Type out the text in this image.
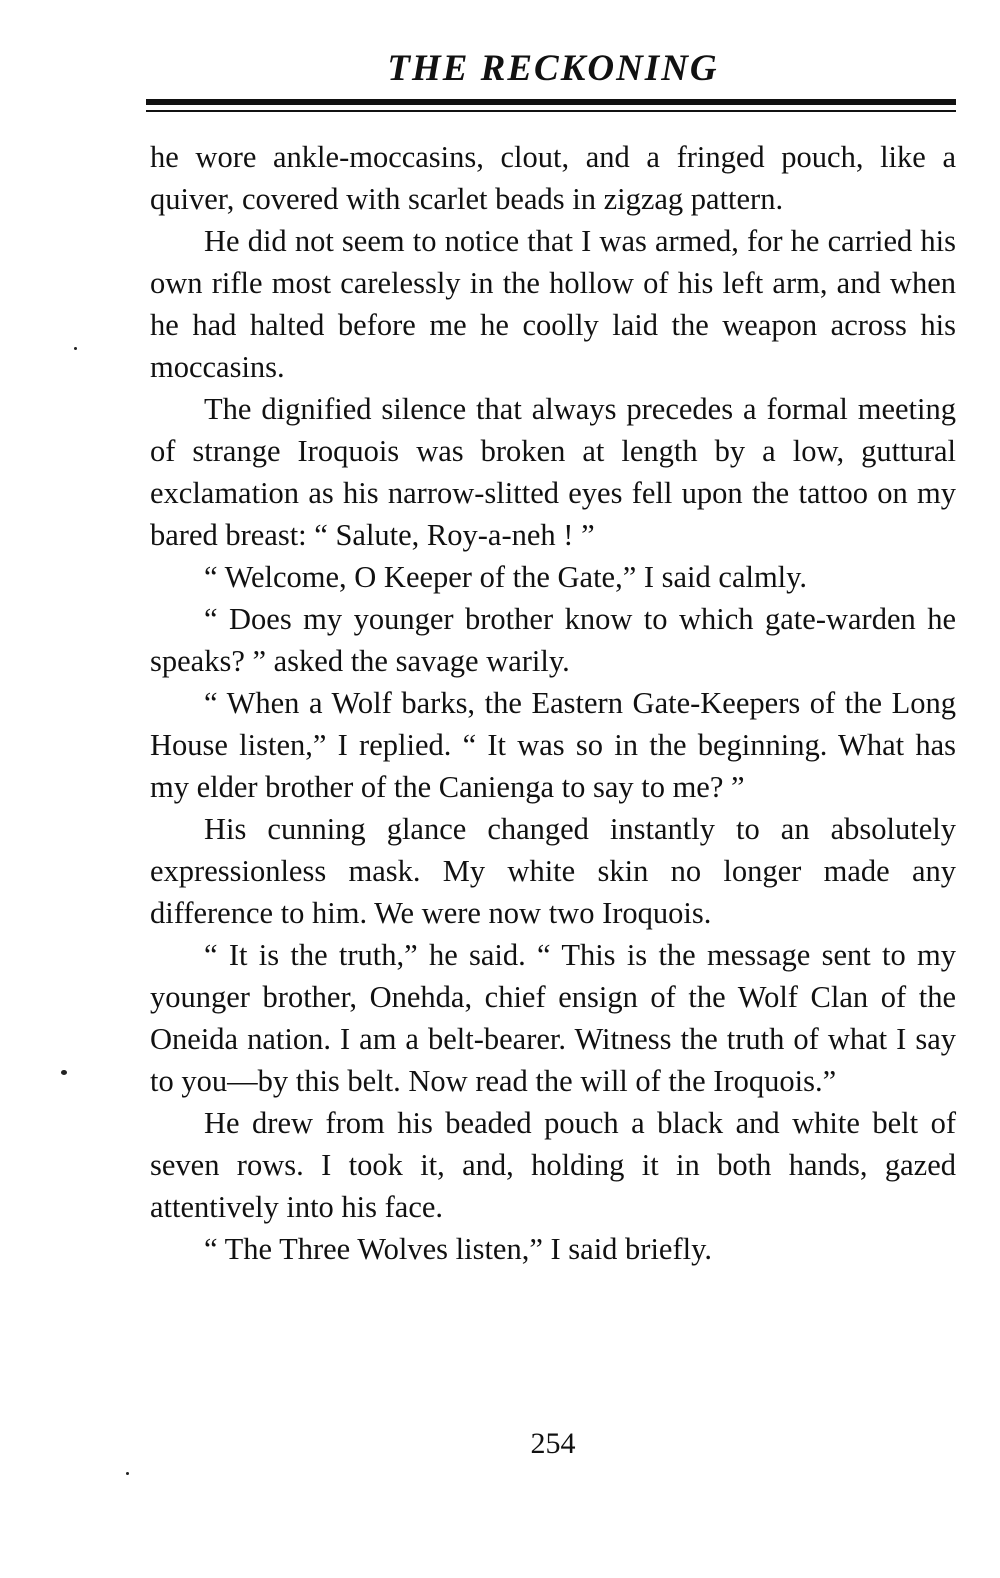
THE RECKONING

he wore ankle-moccasins, clout, and a fringed pouch, like a quiver, covered with scarlet beads in zigzag pattern.

He did not seem to notice that I was armed, for he carried his own rifle most carelessly in the hollow of his left arm, and when he had halted before me he coolly laid the weapon across his moccasins.

The dignified silence that always precedes a formal meeting of strange Iroquois was broken at length by a low, guttural exclamation as his narrow-slitted eyes fell upon the tattoo on my bared breast: “ Salute, Roy-a-neh ! ”

“ Welcome, O Keeper of the Gate,” I said calmly.

“ Does my younger brother know to which gate-warden he speaks? ” asked the savage warily.

“ When a Wolf barks, the Eastern Gate-Keepers of the Long House listen,” I replied. “ It was so in the beginning. What has my elder brother of the Canienga to say to me? ”

His cunning glance changed instantly to an absolutely expressionless mask. My white skin no longer made any difference to him. We were now two Iroquois.

“ It is the truth,” he said. “ This is the message sent to my younger brother, Onehda, chief ensign of the Wolf Clan of the Oneida nation. I am a belt-bearer. Witness the truth of what I say to you—by this belt. Now read the will of the Iroquois.”

He drew from his beaded pouch a black and white belt of seven rows. I took it, and, holding it in both hands, gazed attentively into his face.

“ The Three Wolves listen,” I said briefly.

254
